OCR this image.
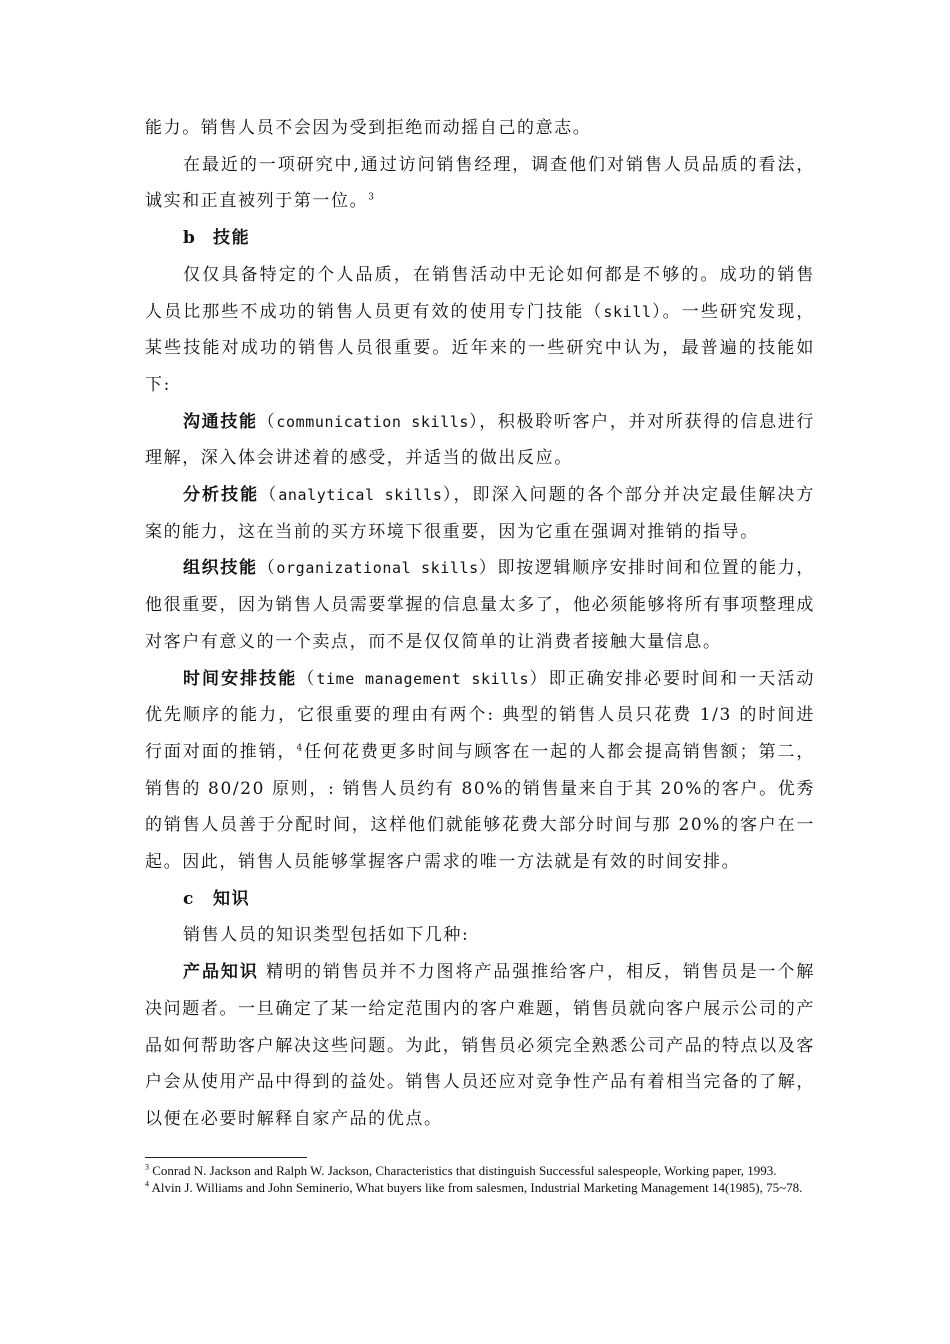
能力。销售人员不会因为受到拒绝而动摇自己的意志。

在最近的一项研究中,通过访问销售经理，调查他们对销售人员品质的看法，诚实和正直被列于第一位。$^3$

b 技能

仅仅具备特定的个人品质，在销售活动中无论如何都是不够的。成功的销售人员比那些不成功的销售人员更有效的使用专门技能（skill）。一些研究发现，某些技能对成功的销售人员很重要。近年来的一些研究中认为，最普遍的技能如下:

沟通技能（communication skills），积极聆听客户，并对所获得的信息进行理解，深入体会讲述着的感受，并适当的做出反应。

分析技能（analytical skills），即深入问题的各个部分并决定最佳解决方案的能力，这在当前的买方环境下很重要，因为它重在强调对推销的指导。

组织技能（organizational skills）即按逻辑顺序安排时间和位置的能力，他很重要，因为销售人员需要掌握的信息量太多了，他必须能够将所有事项整理成对客户有意义的一个卖点，而不是仅仅简单的让消费者接触大量信息。

时间安排技能（time management skills）即正确安排必要时间和一天活动优先顺序的能力，它很重要的理由有两个: 典型的销售人员只花费 1/3 的时间进行面对面的推销，$^4$任何花费更多时间与顾客在一起的人都会提高销售额；第二，销售的 80/20 原则，: 销售人员约有 80%的销售量来自于其 20%的客户。优秀的销售人员善于分配时间，这样他们就能够花费大部分时间与那 20%的客户在一起。因此，销售人员能够掌握客户需求的唯一方法就是有效的时间安排。

c 知识

销售人员的知识类型包括如下几种:

产品知识 精明的销售员并不力图将产品强推给客户，相反，销售员是一个解决问题者。一旦确定了某一给定范围内的客户难题，销售员就向客户展示公司的产品如何帮助客户解决这些问题。为此，销售员必须完全熟悉公司产品的特点以及客户会从使用产品中得到的益处。销售人员还应对竞争性产品有着相当完备的了解，以便在必要时解释自家产品的优点。

$^3$ Conrad N. Jackson and Ralph W. Jackson, Characteristics that distinguish Successful salespeople, Working paper, 1993.

$^4$ Alvin J. Williams and John Seminerio, What buyers like from salesmen, Industrial Marketing Management 14(1985), 75~78.
